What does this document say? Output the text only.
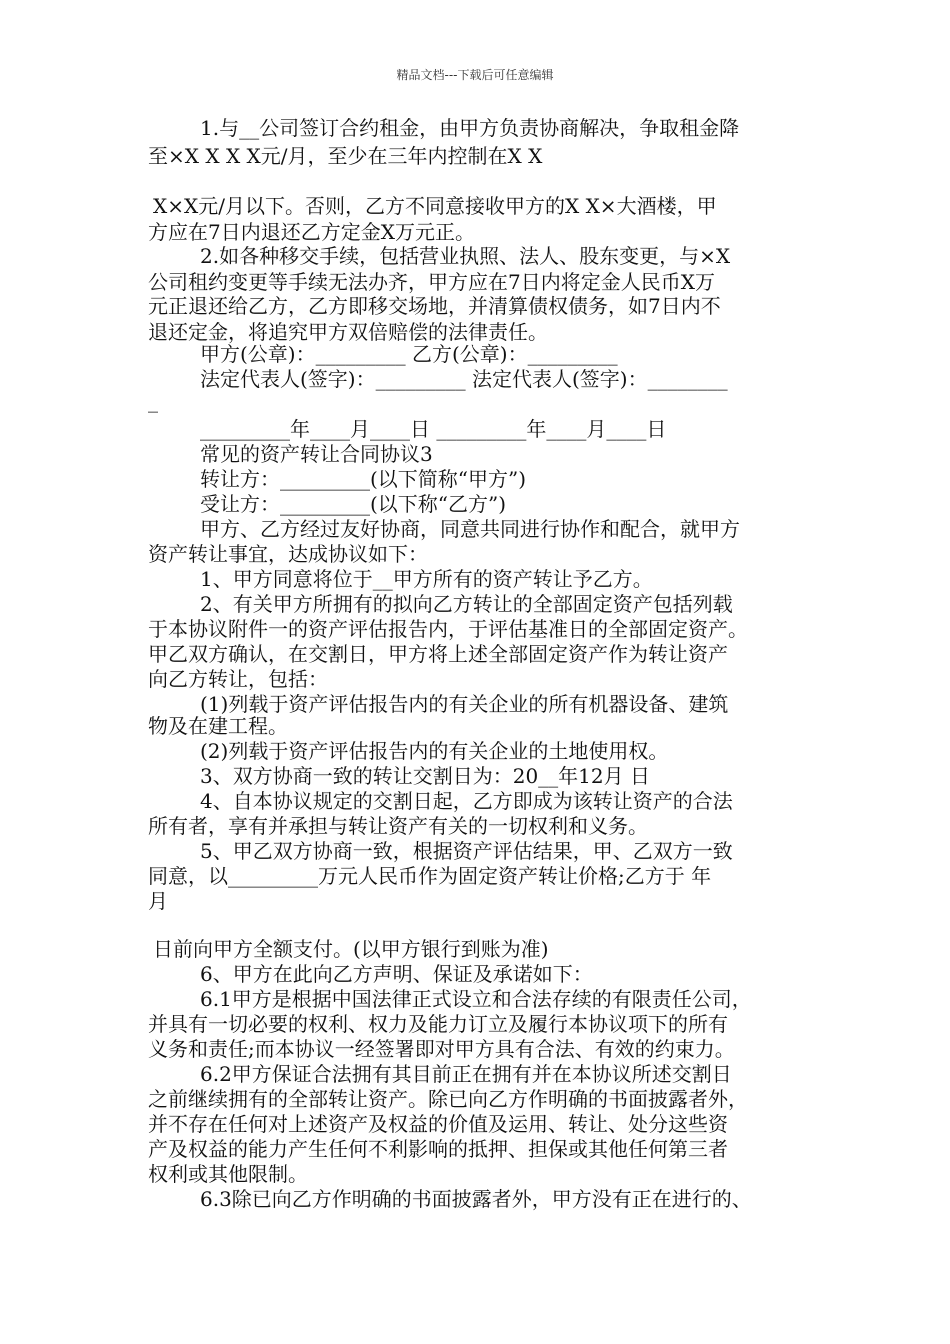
精品文档---下载后可任意编辑
1.与__公司签订合约租金，由甲方负责协商解决，争取租金降
至×X X X X元/月，至少在三年内控制在X X
X×X元/月以下。否则，乙方不同意接收甲方的X X×大酒楼，甲
方应在7日内退还乙方定金X万元正。
2.如各种移交手续，包括营业执照、法人、股东变更，与×X
公司租约变更等手续无法办齐，甲方应在7日内将定金人民币X万
元正退还给乙方，乙方即移交场地，并清算债权债务，如7日内不
退还定金，将追究甲方双倍赔偿的法律责任。
甲方(公章)：_________ 乙方(公章)：_________
法定代表人(签字)：_________ 法定代表人(签字)：________
_
_________年____月____日 _________年____月____日
常见的资产转让合同协议3
转让方：_________(以下简称“甲方”)
受让方：_________(以下称“乙方”)
甲方、乙方经过友好协商，同意共同进行协作和配合，就甲方
资产转让事宜，达成协议如下：
1、甲方同意将位于__甲方所有的资产转让予乙方。
2、有关甲方所拥有的拟向乙方转让的全部固定资产包括列载
于本协议附件一的资产评估报告内，于评估基准日的全部固定资产。
甲乙双方确认，在交割日，甲方将上述全部固定资产作为转让资产
向乙方转让，包括：
(1)列载于资产评估报告内的有关企业的所有机器设备、建筑
物及在建工程。
(2)列载于资产评估报告内的有关企业的土地使用权。
3、双方协商一致的转让交割日为：20__年12月 日
4、自本协议规定的交割日起，乙方即成为该转让资产的合法
所有者，享有并承担与转让资产有关的一切权利和义务。
5、甲乙双方协商一致，根据资产评估结果，甲、乙双方一致
同意，以_________万元人民币作为固定资产转让价格;乙方于 年
月
日前向甲方全额支付。(以甲方银行到账为准)
6、甲方在此向乙方声明、保证及承诺如下：
6.1甲方是根据中国法律正式设立和合法存续的有限责任公司，
并具有一切必要的权利、权力及能力订立及履行本协议项下的所有
义务和责任;而本协议一经签署即对甲方具有合法、有效的约束力。
6.2甲方保证合法拥有其目前正在拥有并在本协议所述交割日
之前继续拥有的全部转让资产。除已向乙方作明确的书面披露者外，
并不存在任何对上述资产及权益的价值及运用、转让、处分这些资
产及权益的能力产生任何不利影响的抵押、担保或其他任何第三者
权利或其他限制。
6.3除已向乙方作明确的书面披露者外，甲方没有正在进行的、
